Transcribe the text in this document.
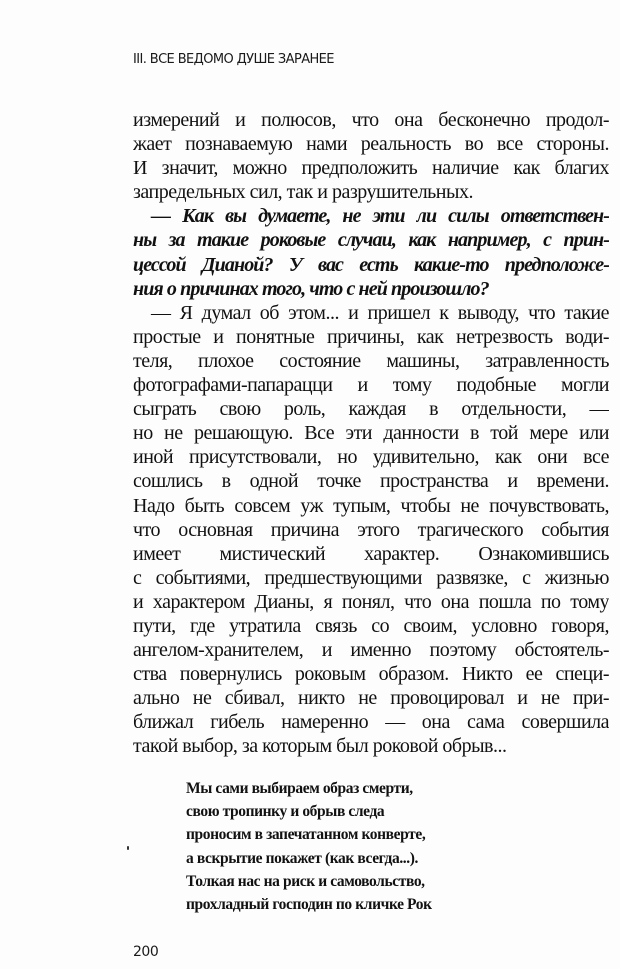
III. ВСЕ ВЕДОМО ДУШЕ ЗАРАНЕЕ
измерений и полюсов, что она бесконечно продол-
жает познаваемую нами реальность во все стороны.
И значит, можно предположить наличие как благих
запредельных сил, так и разрушительных.
— Как вы думаете, не эти ли силы ответствен-
ны за такие роковые случаи, как например, с прин-
цессой Дианой? У вас есть какие-то предположе-
ния о причинах того, что с ней произошло?
— Я думал об этом... и пришел к выводу, что такие
простые и понятные причины, как нетрезвость води-
теля, плохое состояние машины, затравленность
фотографами-папарацци и тому подобные могли
сыграть свою роль, каждая в отдельности, —
но не решающую. Все эти данности в той мере или
иной присутствовали, но удивительно, как они все
сошлись в одной точке пространства и времени.
Надо быть совсем уж тупым, чтобы не почувствовать,
что основная причина этого трагического события
имеет мистический характер. Ознакомившись
с событиями, предшествующими развязке, с жизнью
и характером Дианы, я понял, что она пошла по тому
пути, где утратила связь со своим, условно говоря,
ангелом-хранителем, и именно поэтому обстоятель-
ства повернулись роковым образом. Никто ее специ-
ально не сбивал, никто не провоцировал и не при-
ближал гибель намеренно — она сама совершила
такой выбор, за которым был роковой обрыв...
Мы сами выбираем образ смерти,
свою тропинку и обрыв следа
проносим в запечатанном конверте,
а вскрытие покажет (как всегда...).
Толкая нас на риск и самовольство,
прохладный господин по кличке Рок
200
